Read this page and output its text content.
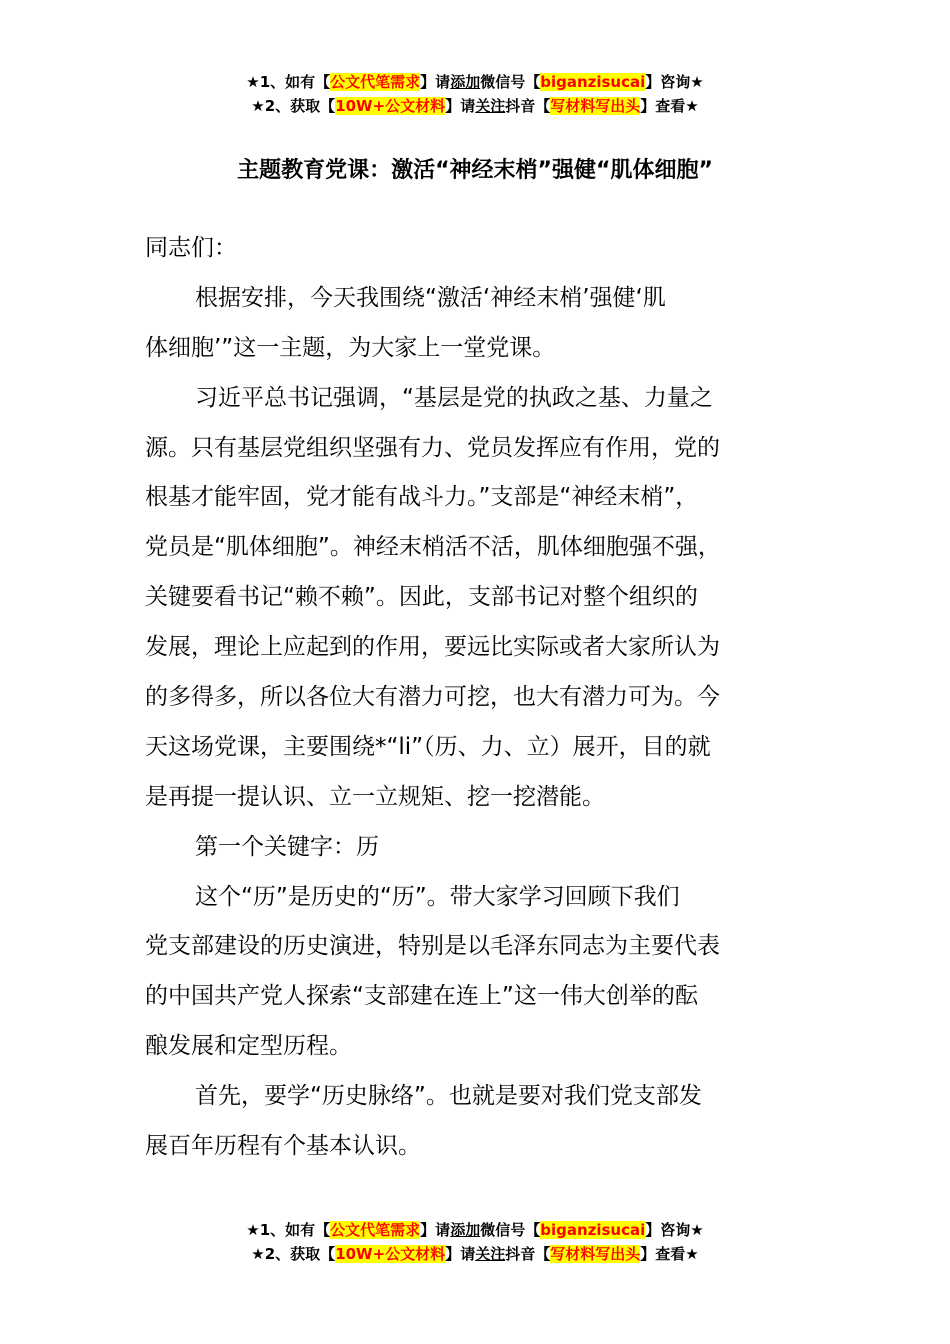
★1、如有【公文代笔需求】请添加微信号【biganzisucai】咨询★
★2、获取【10W+公文材料】请关注抖音【写材料写出头】查看★
主题教育党课：激活“神经末梢”强健“肌体细胞”
同志们：
根据安排，今天我围绕“激活‘神经末梢’强健‘肌
体细胞’”这一主题，为大家上一堂党课。
习近平总书记强调，“基层是党的执政之基、力量之
源。只有基层党组织坚强有力、党员发挥应有作用，党的
根基才能牢固，党才能有战斗力。”支部是“神经末梢”，
党员是“肌体细胞”。神经末梢活不活，肌体细胞强不强，
关键要看书记“赖不赖”。因此，支部书记对整个组织的
发展，理论上应起到的作用，要远比实际或者大家所认为
的多得多，所以各位大有潜力可挖，也大有潜力可为。今
天这场党课，主要围绕*“li”（历、力、立）展开，目的就
是再提一提认识、立一立规矩、挖一挖潜能。
第一个关键字：历
这个“历”是历史的“历”。带大家学习回顾下我们
党支部建设的历史演进，特别是以毛泽东同志为主要代表
的中国共产党人探索“支部建在连上”这一伟大创举的酝
酿发展和定型历程。
首先，要学“历史脉络”。也就是要对我们党支部发
展百年历程有个基本认识。
★1、如有【公文代笔需求】请添加微信号【biganzisucai】咨询★
★2、获取【10W+公文材料】请关注抖音【写材料写出头】查看★
